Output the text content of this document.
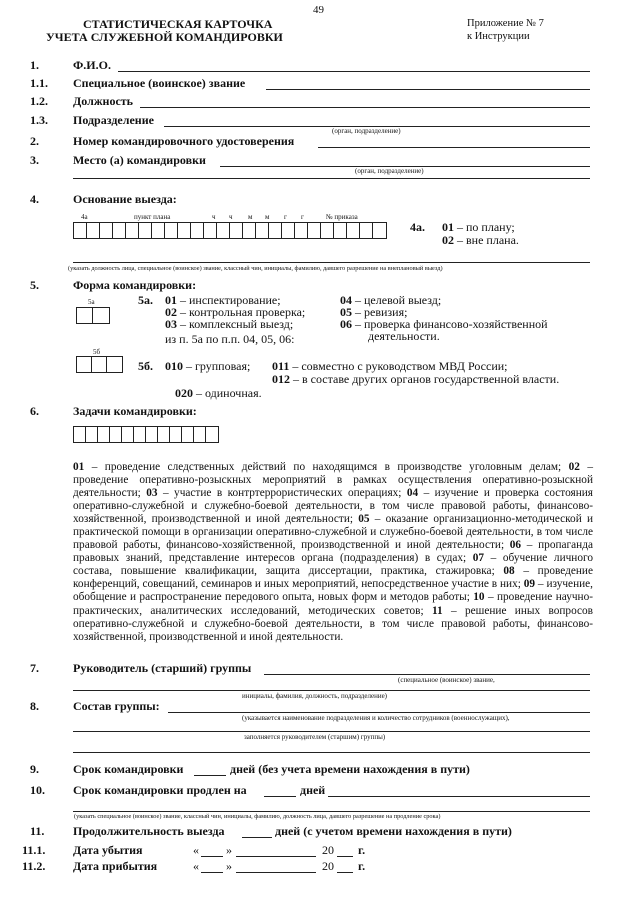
49
СТАТИСТИЧЕСКАЯ КАРТОЧКА
УЧЕТА СЛУЖЕБНОЙ КОМАНДИРОВКИ
Приложение № 7
к Инструкции
1.	Ф.И.О.
1.1. Специальное (воинское) звание
1.2. Должность
1.3. Подразделение
(орган, подразделение)
2.	Номер командировочного удостоверения
3.	Место (а) командировки
(орган, подразделение)
4.	Основание выезда:
4а	пункт плана	ч ч м м г г	№ приказа
4а. 01 – по плану;
02 – вне плана.
(указать должность лица, специальное (воинское) звание, классный чин, инициалы, фамилию, давшего разрешение на внеплановый выезд)
5.	Форма командировки:
5а	5а. 01 – инспектирование;
02 – контрольная проверка;
03 – комплексный выезд;
из п. 5а по п.п. 04, 05, 06:
04 – целевой выезд;
05 – ревизия;
06 – проверка финансово-хозяйственной
деятельности.
5б
5б. 010 – групповая; 011 – совместно с руководством МВД России;
012 – в составе других органов государственной власти.
020 – одиночная.
6.	Задачи командировки:
01 – проведение следственных действий по находящимся в производстве уголовным делам; 02 – проведение оперативно-розыскных мероприятий в рамках осуществления оперативно-розыскной деятельности; 03 – участие в контртеррористических операциях; 04 – изучение и проверка состояния оперативно-служебной и служебно-боевой деятельности, в том числе правовой работы, финансово-хозяйственной, производственной и иной деятельности; 05 – оказание организационно-методической и практической помощи в организации оперативно-служебной и служебно-боевой деятельности, в том числе правовой работы, финансово-хозяйственной, производственной и иной деятельности; 06 – пропаганда правовых знаний, представление интересов органа (подразделения) в судах; 07 – обучение личного состава, повышение квалификации, защита диссертации, практика, стажировка; 08 – проведение конференций, совещаний, семинаров и иных мероприятий, непосредственное участие в них; 09 – изучение, обобщение и распространение передового опыта, новых форм и методов работы; 10 – проведение научно-практических, аналитических исследований, методических советов; 11 – решение иных вопросов оперативно-служебной и служебно-боевой деятельности, в том числе правовой работы, финансово-хозяйственной, производственной и иной деятельности.
7.	Руководитель (старший) группы
(специальное (воинское) звание,
инициалы, фамилия, должность, подразделение)
8.	Состав группы:
(указывается наименование подразделения и количество сотрудников (военнослужащих),
заполняется руководителем (старшим) группы)
9.	Срок командировки	дней (без учета времени нахождения в пути)
10. Срок командировки продлен на	дней
(указать специальное (воинское) звание, классный чин, инициалы, фамилию, должность лица, давшего разрешение на продление срока)
11. Продолжительность выезда	дней (с учетом времени нахождения в пути)
11.1. Дата убытия	« »	20 г.
11.2. Дата прибытия	« »	20 г.
